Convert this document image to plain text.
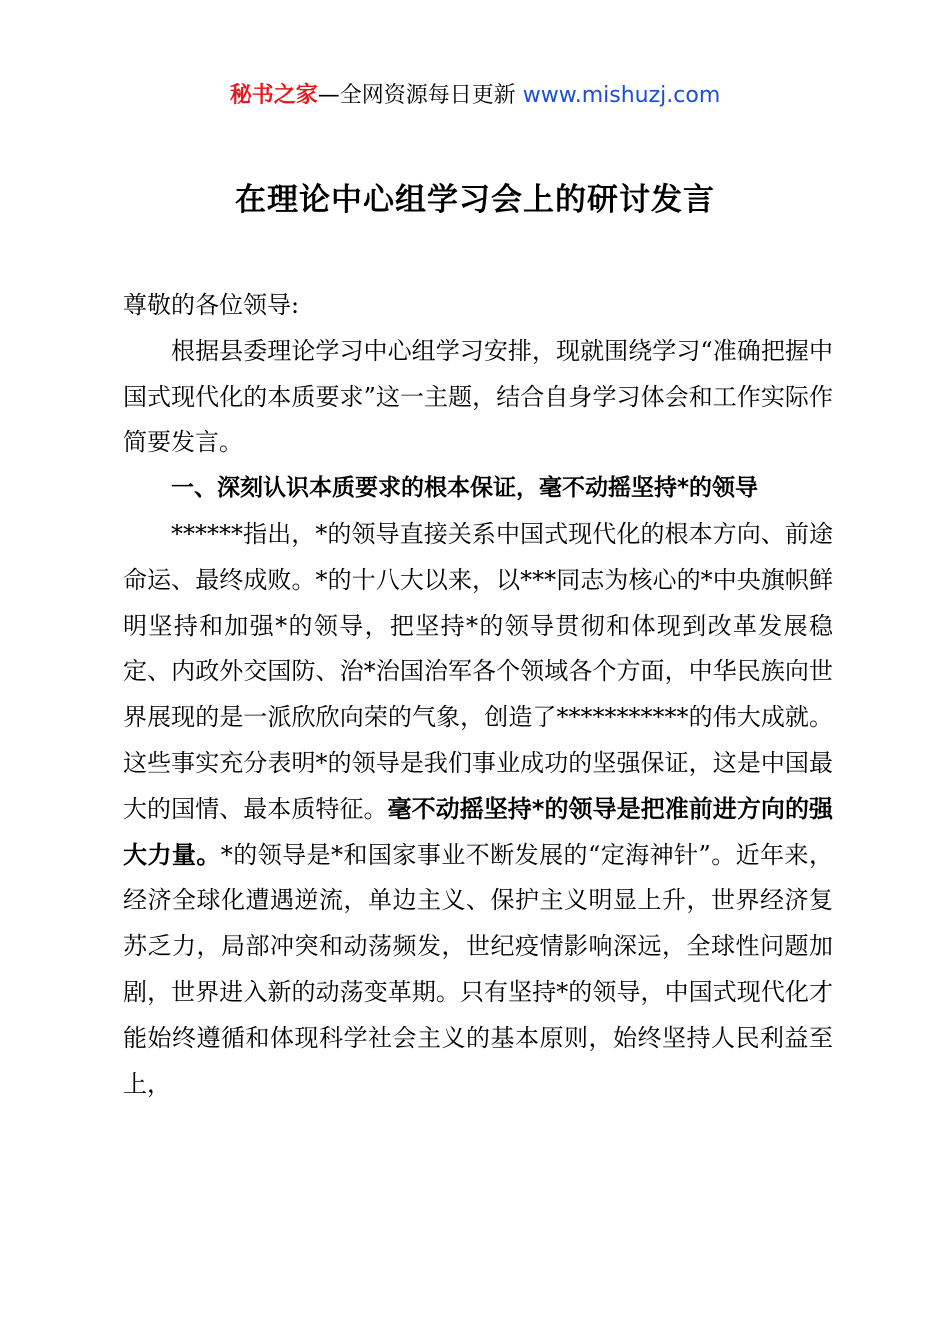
秘书之家—全网资源每日更新 www.mishuzj.com
在理论中心组学习会上的研讨发言

尊敬的各位领导:

根据县委理论学习中心组学习安排，现就围绕学习“准确把握中国式现代化的本质要求”这一主题，结合自身学习体会和工作实际作简要发言。

一、深刻认识本质要求的根本保证，毫不动摇坚持*的领导

******指出，*的领导直接关系中国式现代化的根本方向、前途命运、最终成败。*的十八大以来，以***同志为核心的*中央旗帜鲜明坚持和加强*的领导，把坚持*的领导贯彻和体现到改革发展稳定、内政外交国防、治*治国治军各个领域各个方面，中华民族向世界展现的是一派欣欣向荣的气象，创造了***********的伟大成就。这些事实充分表明*的领导是我们事业成功的坚强保证，这是中国最大的国情、最本质特征。毫不动摇坚持*的领导是把准前进方向的强大力量。*的领导是*和国家事业不断发展的“定海神针”。近年来，经济全球化遭遇逆流，单边主义、保护主义明显上升，世界经济复苏乏力，局部冲突和动荡频发，世纪疫情影响深远，全球性问题加剧，世界进入新的动荡变革期。只有坚持*的领导，中国式现代化才能始终遵循和体现科学社会主义的基本原则，始终坚持人民利益至上，
